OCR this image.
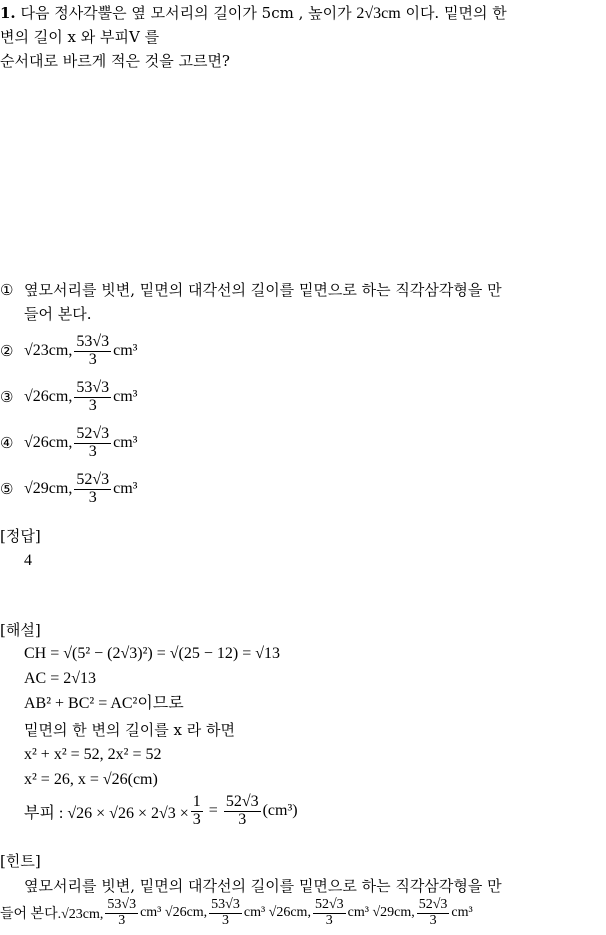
1. 다음 정사각뿔은 옆 모서리의 길이가 5cm , 높이가 2√3cm 이다. 밑면의 한
변의 길이 x 와 부피V 를
순서대로 바르게 적은 것을 고르면?
① 옆모서리를 빗변, 밑면의 대각선의 길이를 밑면으로 하는 직각삼각형을 만
들어 본다.
② √23cm, $\frac{53√3}{3} cm^3$
③ √26cm, $\frac{53√3}{3} cm^3$
④ √26cm, $\frac{52√3}{3} cm^3$
⑤ √29cm, $\frac{52√3}{3} cm^3$
[정답]
4
[해설]
CH = √(5² − (2√3)²) = √(25 − 12) = √13
AC = 2√13
AB² + BC² = AC²이므로
밑면의 한 변의 길이를 x 라 하면
x² + x² = 52, 2x² = 52
x² = 26, x = √26(cm)
부피 : $√26 \times √26 \times 2√3 \times \frac{1}{3} = \frac{52√3}{3} (cm^3)$
[힌트]
옆모서리를 빗변, 밑면의 대각선의 길이를 밑면으로 하는 직각삼각형을 만
들어 본다.√23cm, $\frac{53√3}{3} cm^3$ √26cm, $\frac{53√3}{3} cm^3$ √26cm, $\frac{52√3}{3} cm^3$ √29cm, $\frac{52√3}{3} cm^3$
